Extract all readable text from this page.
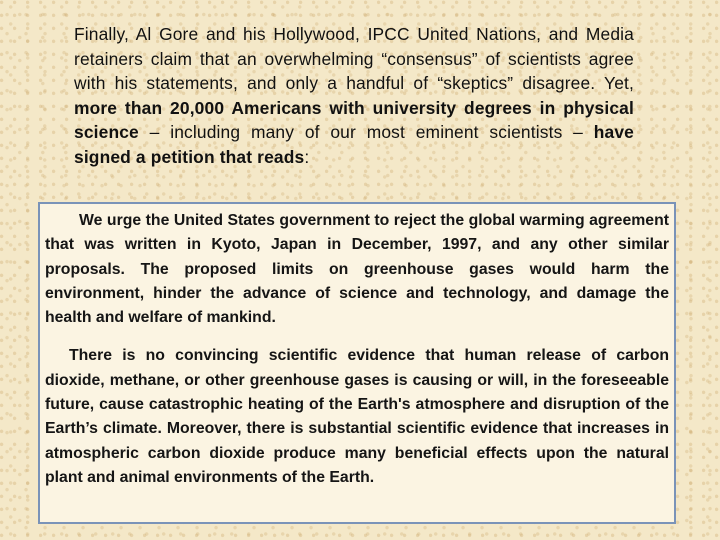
Finally, Al Gore and his Hollywood, IPCC United Nations, and Media retainers claim that an overwhelming “consensus” of scientists agree with his statements, and only a handful of “skeptics” disagree. Yet, more than 20,000 Americans with university degrees in physical science – including many of our most eminent scientists – have signed a petition that reads:

We urge the United States government to reject the global warming agreement that was written in Kyoto, Japan in December, 1997, and any other similar proposals. The proposed limits on greenhouse gases would harm the environment, hinder the advance of science and technology, and damage the health and welfare of mankind.

There is no convincing scientific evidence that human release of carbon dioxide, methane, or other greenhouse gases is causing or will, in the foreseeable future, cause catastrophic heating of the Earth's atmosphere and disruption of the Earth’s climate. Moreover, there is substantial scientific evidence that increases in atmospheric carbon dioxide produce many beneficial effects upon the natural plant and animal environments of the Earth.
